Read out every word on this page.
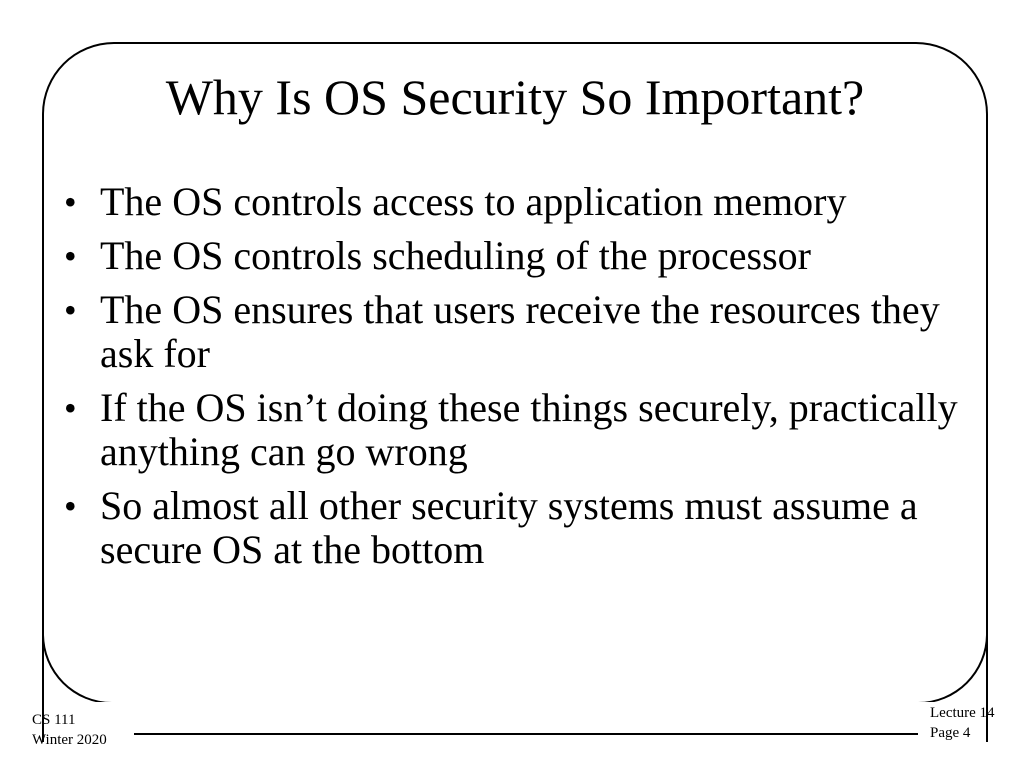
Why Is OS Security So Important?
• The OS controls access to application memory
• The OS controls scheduling of the processor
• The OS ensures that users receive the resources they ask for
• If the OS isn’t doing these things securely, practically anything can go wrong
• So almost all other security systems must assume a secure OS at the bottom
CS 111
Winter 2020
Lecture 14
Page 4
